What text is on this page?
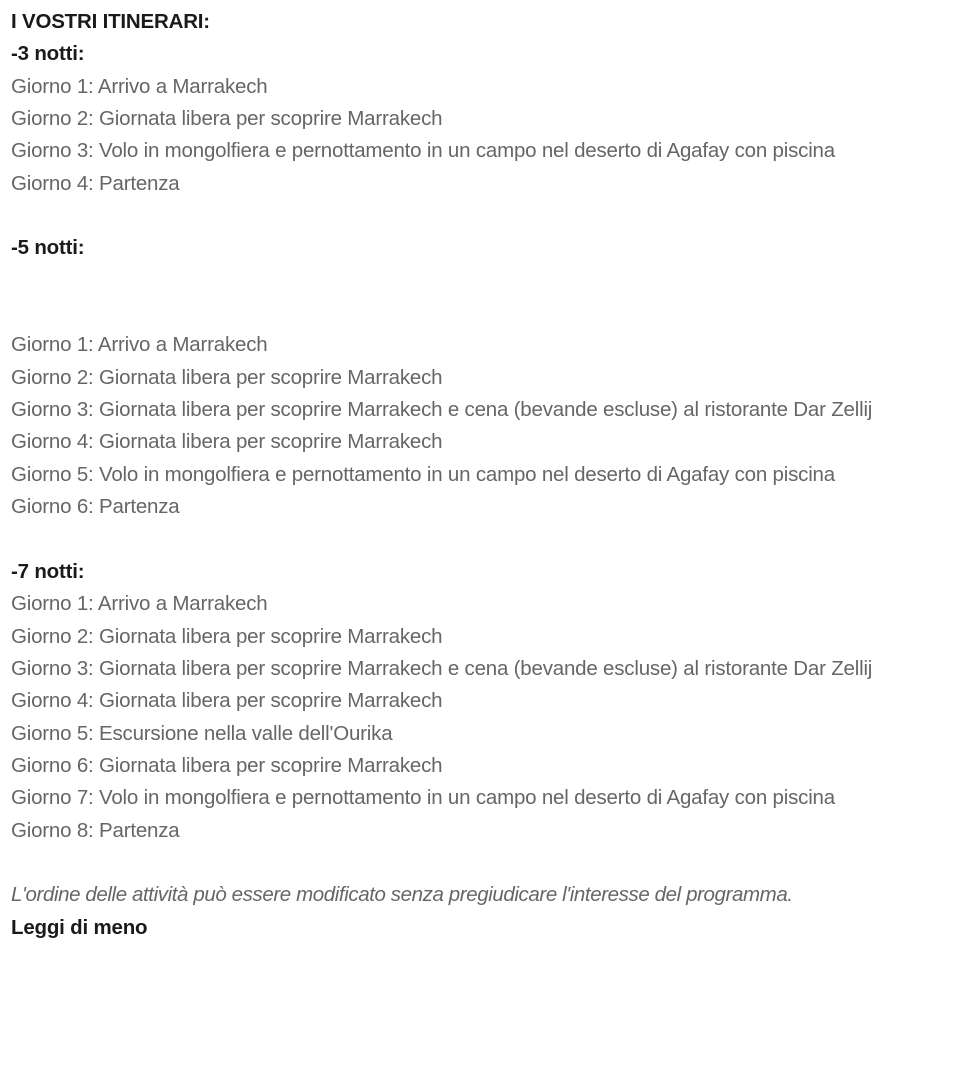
I VOSTRI ITINERARI:
-3 notti:
Giorno 1: Arrivo a Marrakech
Giorno 2: Giornata libera per scoprire Marrakech
Giorno 3: Volo in mongolfiera e pernottamento in un campo nel deserto di Agafay con piscina
Giorno 4: Partenza
-5 notti:
Giorno 1: Arrivo a Marrakech
Giorno 2: Giornata libera per scoprire Marrakech
Giorno 3: Giornata libera per scoprire Marrakech e cena (bevande escluse) al ristorante Dar Zellij
Giorno 4: Giornata libera per scoprire Marrakech
Giorno 5: Volo in mongolfiera e pernottamento in un campo nel deserto di Agafay con piscina
Giorno 6: Partenza
-7 notti:
Giorno 1: Arrivo a Marrakech
Giorno 2: Giornata libera per scoprire Marrakech
Giorno 3: Giornata libera per scoprire Marrakech e cena (bevande escluse) al ristorante Dar Zellij
Giorno 4: Giornata libera per scoprire Marrakech
Giorno 5: Escursione nella valle dell'Ourika
Giorno 6: Giornata libera per scoprire Marrakech
Giorno 7: Volo in mongolfiera e pernottamento in un campo nel deserto di Agafay con piscina
Giorno 8: Partenza
L'ordine delle attività può essere modificato senza pregiudicare l'interesse del programma.
Leggi di meno
